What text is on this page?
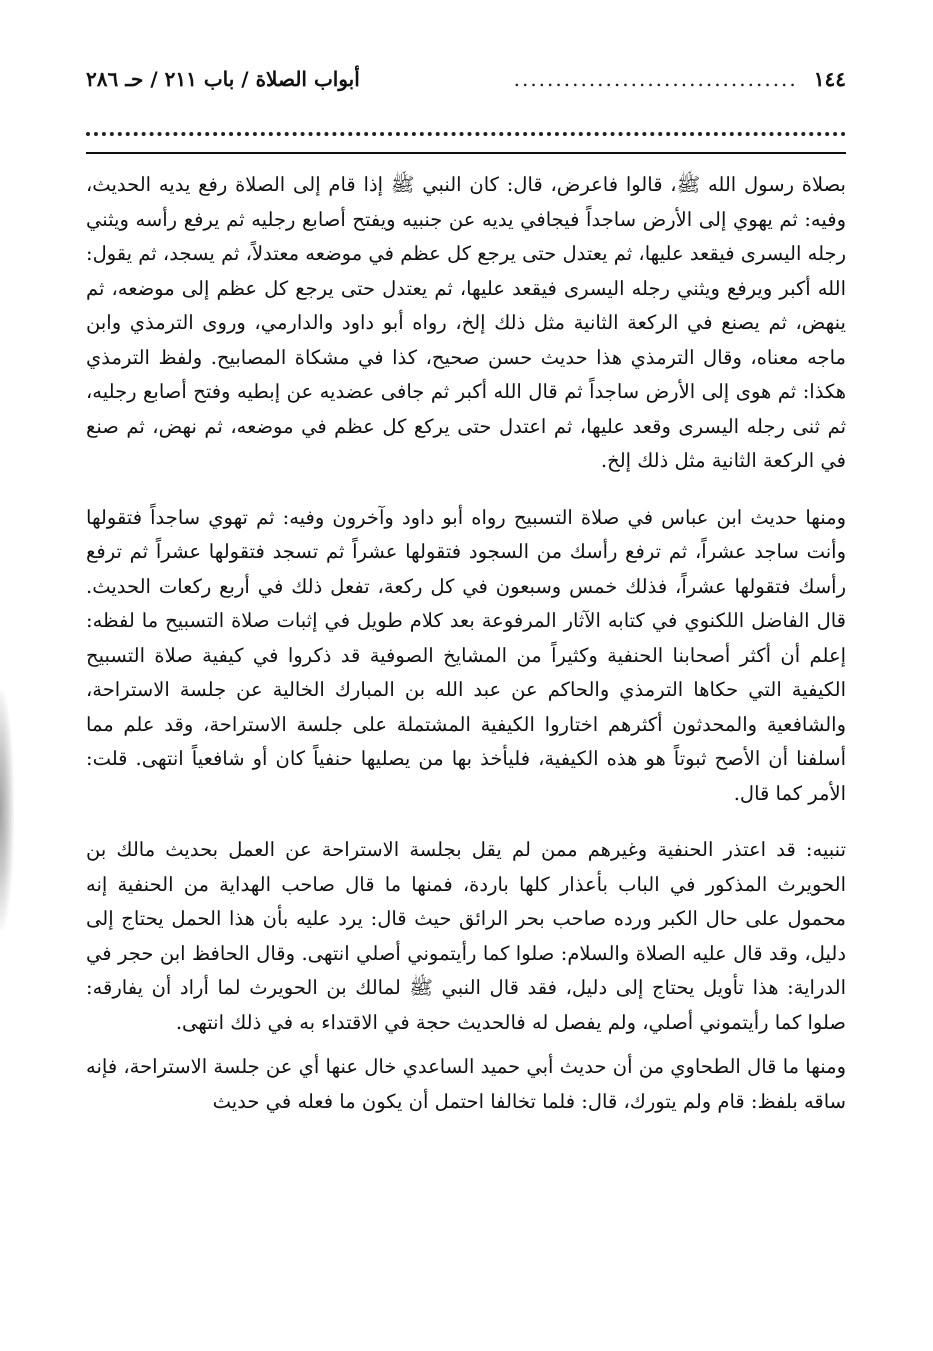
١٤٤
..................................
أبواب الصلاة / باب ٢١١ / حـ ٢٨٦

بصلاة رسول الله ﷺ، قالوا فاعرض، قال: كان النبي ﷺ إذا قام إلى الصلاة رفع يديه الحديث، وفيه: ثم يهوي إلى الأرض ساجداً فيجافي يديه عن جنبيه ويفتح أصابع رجليه ثم يرفع رأسه ويثني رجله اليسرى فيقعد عليها، ثم يعتدل حتى يرجع كل عظم في موضعه معتدلاً، ثم يسجد، ثم يقول: الله أكبر ويرفع ويثني رجله اليسرى فيقعد عليها، ثم يعتدل حتى يرجع كل عظم إلى موضعه، ثم ينهض، ثم يصنع في الركعة الثانية مثل ذلك إلخ، رواه أبو داود والدارمي، وروى الترمذي وابن ماجه معناه، وقال الترمذي هذا حديث حسن صحيح، كذا في مشكاة المصابيح. ولفظ الترمذي هكذا: ثم هوى إلى الأرض ساجداً ثم قال الله أكبر ثم جافى عضديه عن إبطيه وفتح أصابع رجليه، ثم ثنى رجله اليسرى وقعد عليها، ثم اعتدل حتى يركع كل عظم في موضعه، ثم نهض، ثم صنع في الركعة الثانية مثل ذلك إلخ.

ومنها حديث ابن عباس في صلاة التسبيح رواه أبو داود وآخرون وفيه: ثم تهوي ساجداً فتقولها وأنت ساجد عشراً، ثم ترفع رأسك من السجود فتقولها عشراً ثم تسجد فتقولها عشراً ثم ترفع رأسك فتقولها عشراً، فذلك خمس وسبعون في كل ركعة، تفعل ذلك في أربع ركعات الحديث. قال الفاضل اللكنوي في كتابه الآثار المرفوعة بعد كلام طويل في إثبات صلاة التسبيح ما لفظه: إعلم أن أكثر أصحابنا الحنفية وكثيراً من المشايخ الصوفية قد ذكروا في كيفية صلاة التسبيح الكيفية التي حكاها الترمذي والحاكم عن عبد الله بن المبارك الخالية عن جلسة الاستراحة، والشافعية والمحدثون أكثرهم اختاروا الكيفية المشتملة على جلسة الاستراحة، وقد علم مما أسلفنا أن الأصح ثبوتاً هو هذه الكيفية، فليأخذ بها من يصليها حنفياً كان أو شافعياً انتهى. قلت: الأمر كما قال.

تنبيه: قد اعتذر الحنفية وغيرهم ممن لم يقل بجلسة الاستراحة عن العمل بحديث مالك بن الحويرث المذكور في الباب بأعذار كلها باردة، فمنها ما قال صاحب الهداية من الحنفية إنه محمول على حال الكبر ورده صاحب بحر الرائق حيث قال: يرد عليه بأن هذا الحمل يحتاج إلى دليل، وقد قال عليه الصلاة والسلام: صلوا كما رأيتموني أصلي انتهى. وقال الحافظ ابن حجر في الدراية: هذا تأويل يحتاج إلى دليل، فقد قال النبي ﷺ لمالك بن الحويرث لما أراد أن يفارقه: صلوا كما رأيتموني أصلي، ولم يفصل له فالحديث حجة في الاقتداء به في ذلك انتهى.

ومنها ما قال الطحاوي من أن حديث أبي حميد الساعدي خال عنها أي عن جلسة الاستراحة، فإنه ساقه بلفظ: قام ولم يتورك، قال: فلما تخالفا احتمل أن يكون ما فعله في حديث
